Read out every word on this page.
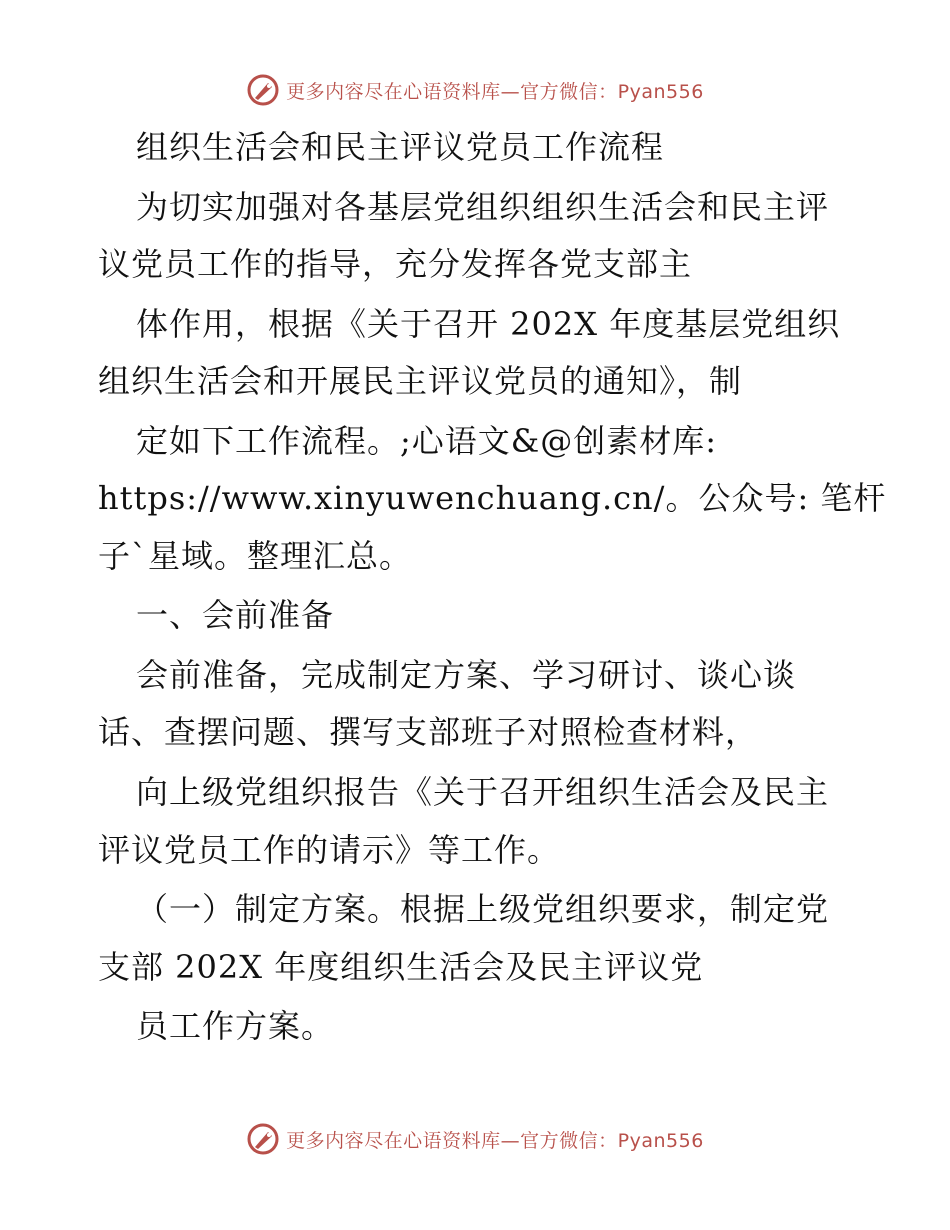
更多内容尽在心语资料库—官方微信：Pyan556
组织生活会和民主评议党员工作流程
为切实加强对各基层党组织组织生活会和民主评
议党员工作的指导，充分发挥各党支部主
体作用，根据《关于召开 202X 年度基层党组织
组织生活会和开展民主评议党员的通知》，制
定如下工作流程。;心语文&@创素材库:
https://www.xinyuwenchuang.cn/。公众号: 笔杆
子`星域。整理汇总。
一、会前准备
会前准备，完成制定方案、学习研讨、谈心谈
话、查摆问题、撰写支部班子对照检查材料，
向上级党组织报告《关于召开组织生活会及民主
评议党员工作的请示》等工作。
（一）制定方案。根据上级党组织要求，制定党
支部 202X 年度组织生活会及民主评议党
员工作方案。
更多内容尽在心语资料库—官方微信：Pyan556
